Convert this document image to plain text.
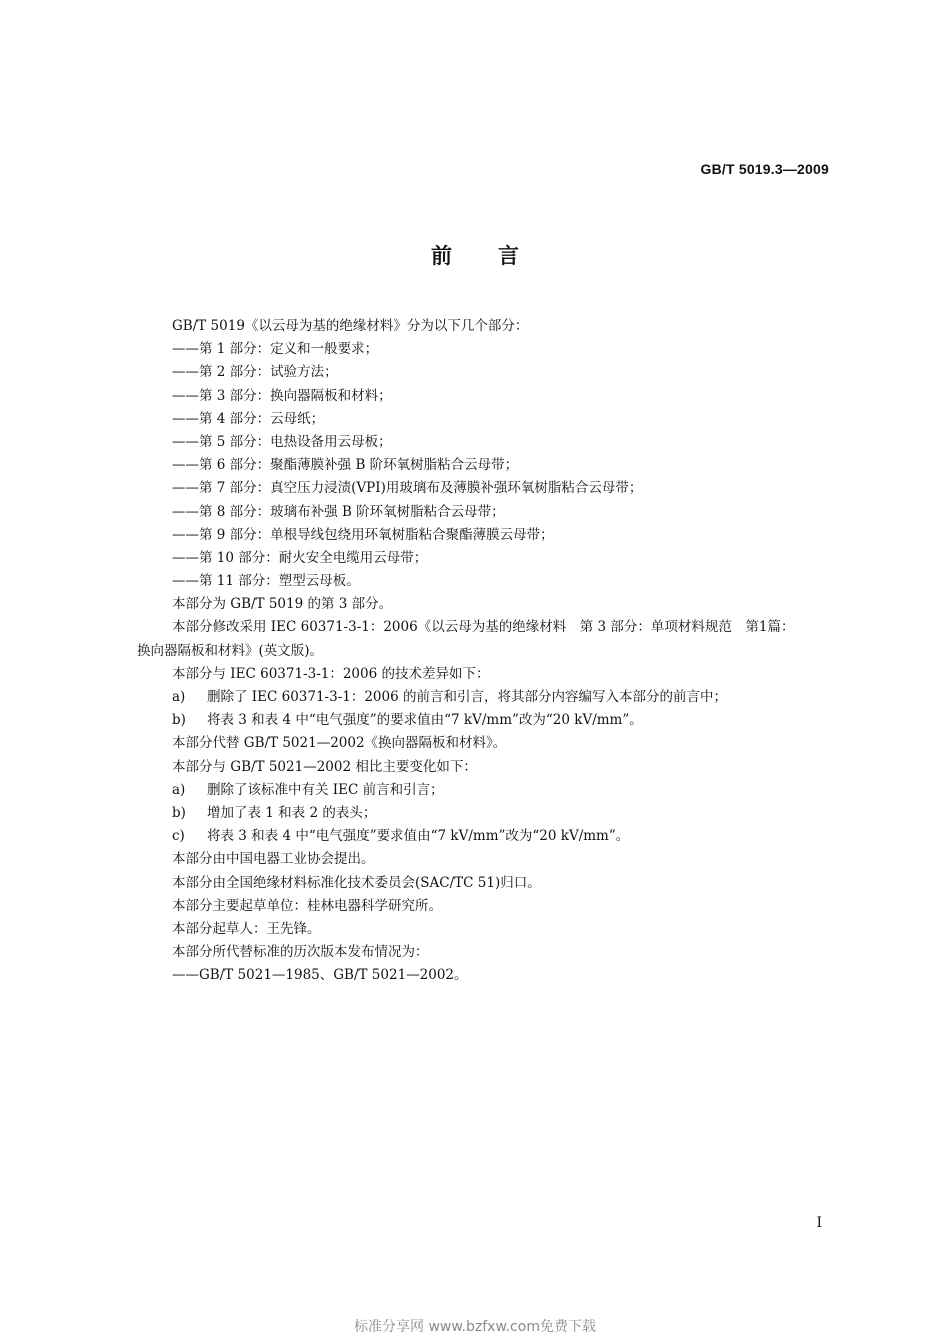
GB/T 5019.3—2009
前言
GB/T 5019《以云母为基的绝缘材料》分为以下几个部分：
——第 1 部分：定义和一般要求；
——第 2 部分：试验方法；
——第 3 部分：换向器隔板和材料；
——第 4 部分：云母纸；
——第 5 部分：电热设备用云母板；
——第 6 部分：聚酯薄膜补强 B 阶环氧树脂粘合云母带；
——第 7 部分：真空压力浸渍(VPI)用玻璃布及薄膜补强环氧树脂粘合云母带；
——第 8 部分：玻璃布补强 B 阶环氧树脂粘合云母带；
——第 9 部分：单根导线包绕用环氧树脂粘合聚酯薄膜云母带；
——第 10 部分：耐火安全电缆用云母带；
——第 11 部分：塑型云母板。
本部分为 GB/T 5019 的第 3 部分。
本部分修改采用 IEC 60371-3-1：2006《以云母为基的绝缘材料　第 3 部分：单项材料规范　第1篇：
换向器隔板和材料》(英文版)。
本部分与 IEC 60371-3-1：2006 的技术差异如下：
a) 删除了 IEC 60371-3-1：2006 的前言和引言，将其部分内容编写入本部分的前言中；
b) 将表 3 和表 4 中“电气强度”的要求值由“7 kV/mm”改为“20 kV/mm”。
本部分代替 GB/T 5021—2002《换向器隔板和材料》。
本部分与 GB/T 5021—2002 相比主要变化如下：
a) 删除了该标准中有关 IEC 前言和引言；
b) 增加了表 1 和表 2 的表头；
c) 将表 3 和表 4 中“电气强度”要求值由“7 kV/mm”改为“20 kV/mm”。
本部分由中国电器工业协会提出。
本部分由全国绝缘材料标准化技术委员会(SAC/TC 51)归口。
本部分主要起草单位：桂林电器科学研究所。
本部分起草人：王先锋。
本部分所代替标准的历次版本发布情况为：
——GB/T 5021—1985、GB/T 5021—2002。
I
标准分享网 www.bzfxw.com免费下载
